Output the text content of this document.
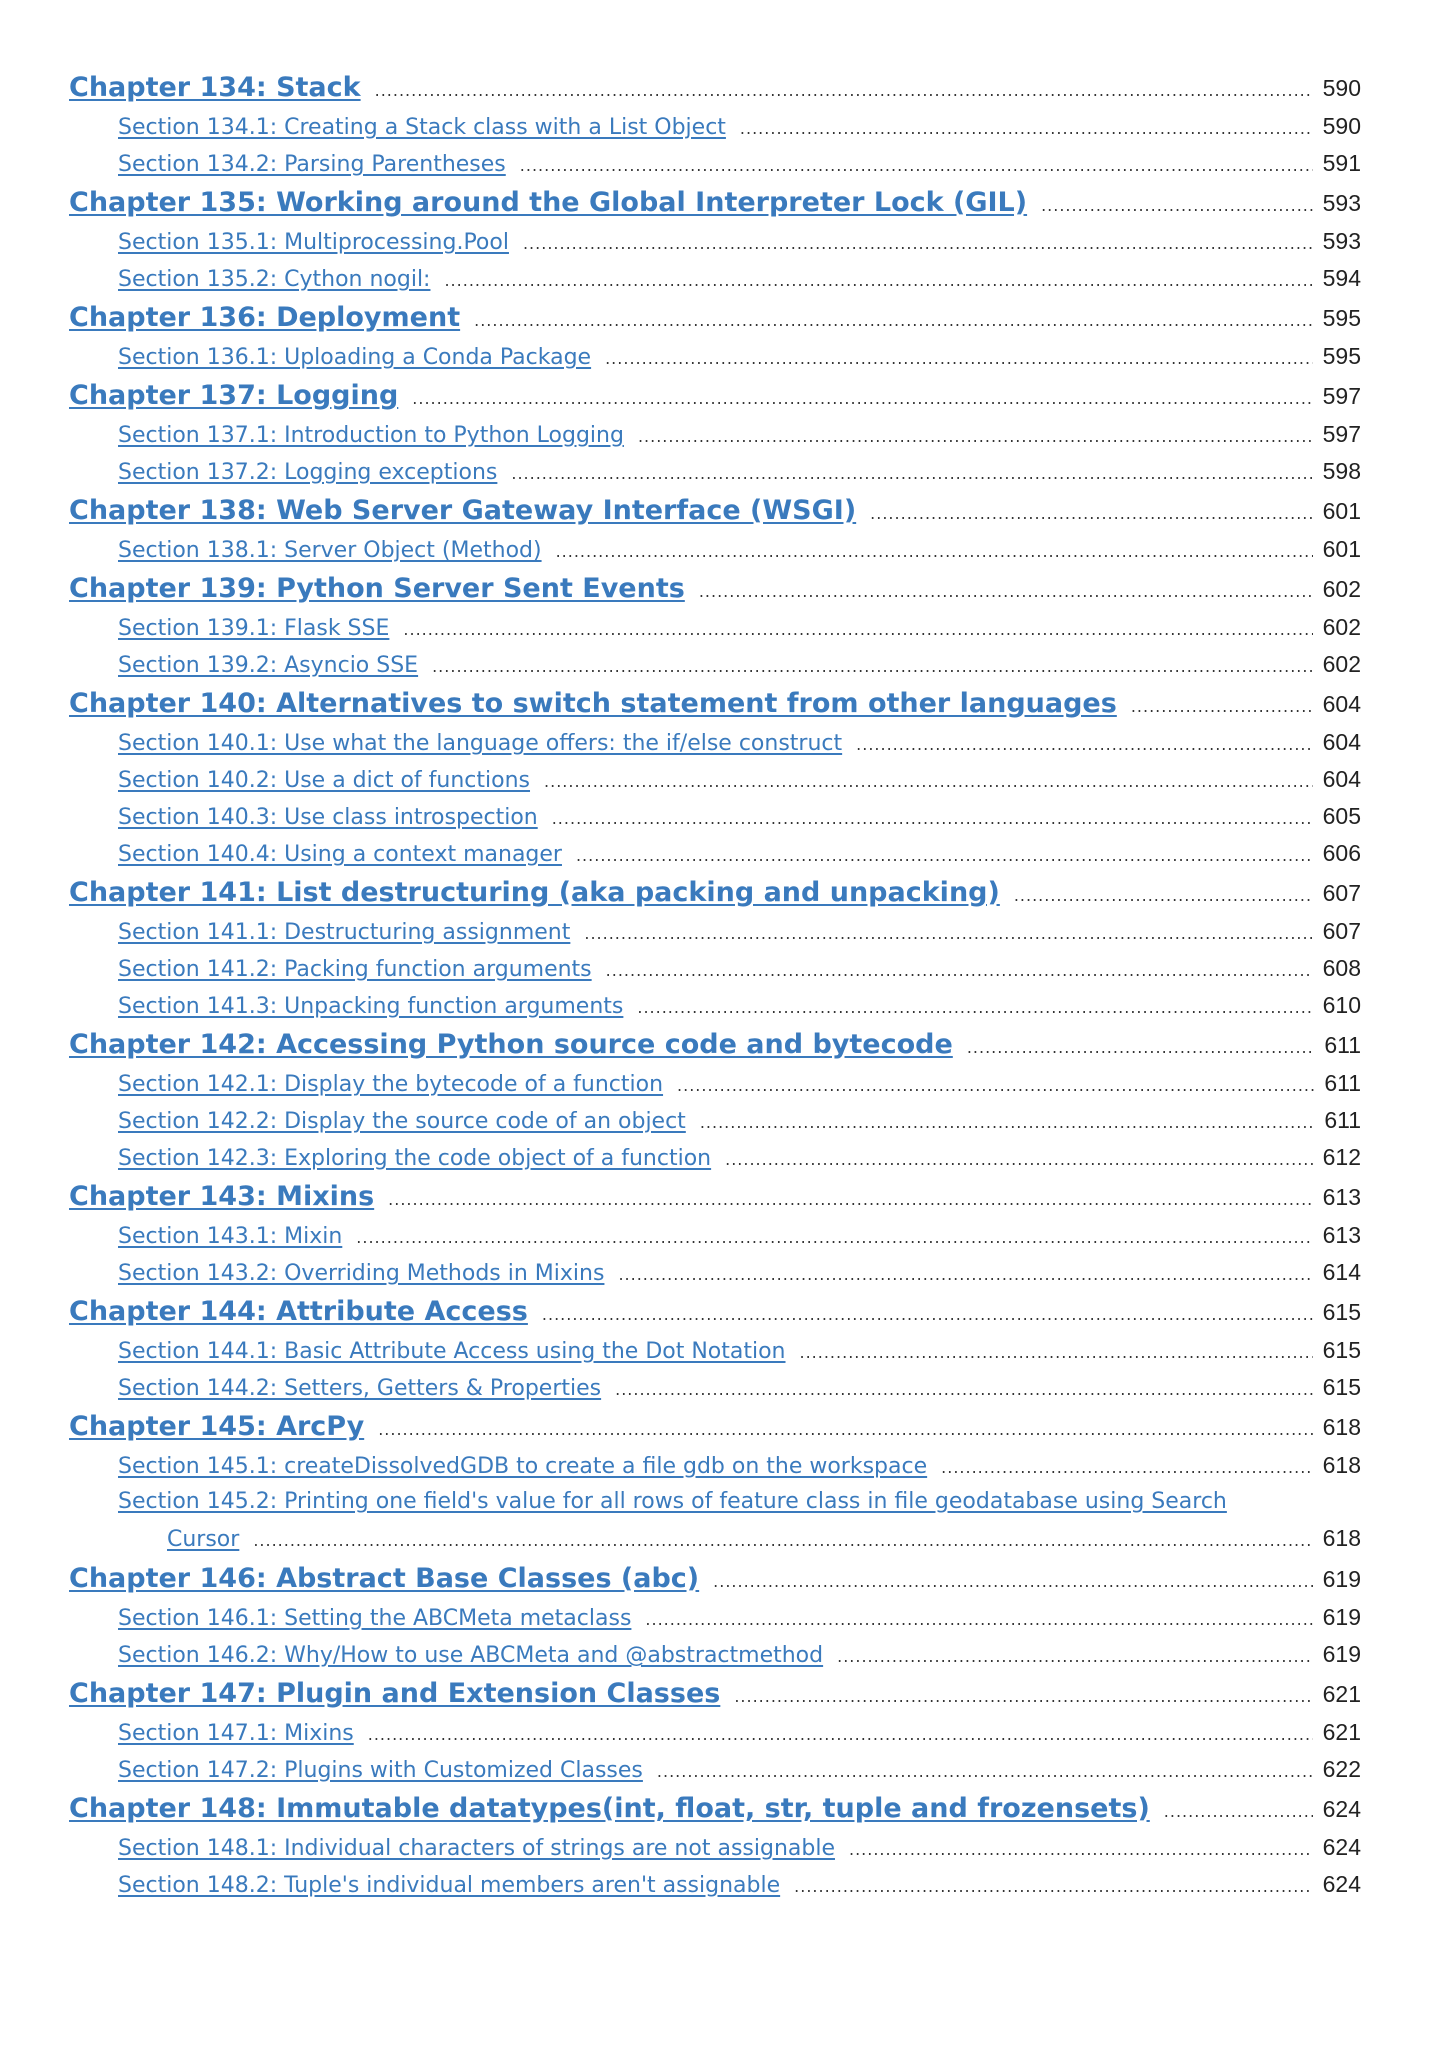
Chapter 134: Stack .....	590
Section 134.1: Creating a Stack class with a List Object .....	590
Section 134.2: Parsing Parentheses .....	591
Chapter 135: Working around the Global Interpreter Lock (GIL) .....	593
Section 135.1: Multiprocessing.Pool .....	593
Section 135.2: Cython nogil: .....	594
Chapter 136: Deployment .....	595
Section 136.1: Uploading a Conda Package .....	595
Chapter 137: Logging .....	597
Section 137.1: Introduction to Python Logging .....	597
Section 137.2: Logging exceptions .....	598
Chapter 138: Web Server Gateway Interface (WSGI) .....	601
Section 138.1: Server Object (Method) .....	601
Chapter 139: Python Server Sent Events .....	602
Section 139.1: Flask SSE .....	602
Section 139.2: Asyncio SSE .....	602
Chapter 140: Alternatives to switch statement from other languages .....	604
Section 140.1: Use what the language offers: the if/else construct .....	604
Section 140.2: Use a dict of functions .....	604
Section 140.3: Use class introspection .....	605
Section 140.4: Using a context manager .....	606
Chapter 141: List destructuring (aka packing and unpacking) .....	607
Section 141.1: Destructuring assignment .....	607
Section 141.2: Packing function arguments .....	608
Section 141.3: Unpacking function arguments .....	610
Chapter 142: Accessing Python source code and bytecode .....	611
Section 142.1: Display the bytecode of a function .....	611
Section 142.2: Display the source code of an object .....	611
Section 142.3: Exploring the code object of a function .....	612
Chapter 143: Mixins .....	613
Section 143.1: Mixin .....	613
Section 143.2: Overriding Methods in Mixins .....	614
Chapter 144: Attribute Access .....	615
Section 144.1: Basic Attribute Access using the Dot Notation .....	615
Section 144.2: Setters, Getters & Properties .....	615
Chapter 145: ArcPy .....	618
Section 145.1: createDissolvedGDB to create a file gdb on the workspace .....	618
Section 145.2: Printing one field's value for all rows of feature class in file geodatabase using Search
Cursor .....	618
Chapter 146: Abstract Base Classes (abc) .....	619
Section 146.1: Setting the ABCMeta metaclass .....	619
Section 146.2: Why/How to use ABCMeta and @abstractmethod .....	619
Chapter 147: Plugin and Extension Classes .....	621
Section 147.1: Mixins .....	621
Section 147.2: Plugins with Customized Classes .....	622
Chapter 148: Immutable datatypes(int, float, str, tuple and frozensets) .....	624
Section 148.1: Individual characters of strings are not assignable .....	624
Section 148.2: Tuple's individual members aren't assignable .....	624
